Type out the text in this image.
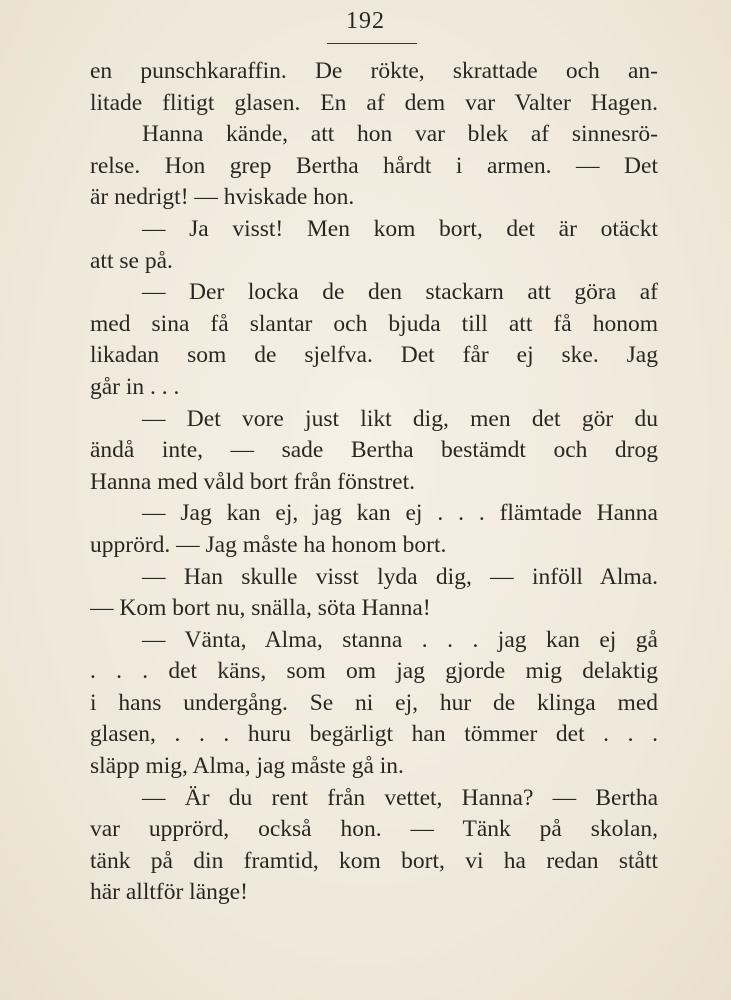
192
en punschkaraffin. De rökte, skrattade och an-
litade flitigt glasen. En af dem var Valter Hagen.
Hanna kände, att hon var blek af sinnesrö-
relse. Hon grep Bertha hårdt i armen. — Det
är nedrigt! — hviskade hon.
— Ja visst! Men kom bort, det är otäckt
att se på.
— Der locka de den stackarn att göra af
med sina få slantar och bjuda till att få honom
likadan som de sjelfva. Det får ej ske. Jag
går in . . .
— Det vore just likt dig, men det gör du
ändå inte, — sade Bertha bestämdt och drog
Hanna med våld bort från fönstret.
— Jag kan ej, jag kan ej . . . flämtade Hanna
upprörd. — Jag måste ha honom bort.
— Han skulle visst lyda dig, — inföll Alma.
— Kom bort nu, snälla, söta Hanna!
— Vänta, Alma, stanna . . . jag kan ej gå
. . . det käns, som om jag gjorde mig delaktig
i hans undergång. Se ni ej, hur de klinga med
glasen, . . . huru begärligt han tömmer det . . .
släpp mig, Alma, jag måste gå in.
— Är du rent från vettet, Hanna? — Bertha
var upprörd, också hon. — Tänk på skolan,
tänk på din framtid, kom bort, vi ha redan stått
här alltför länge!
